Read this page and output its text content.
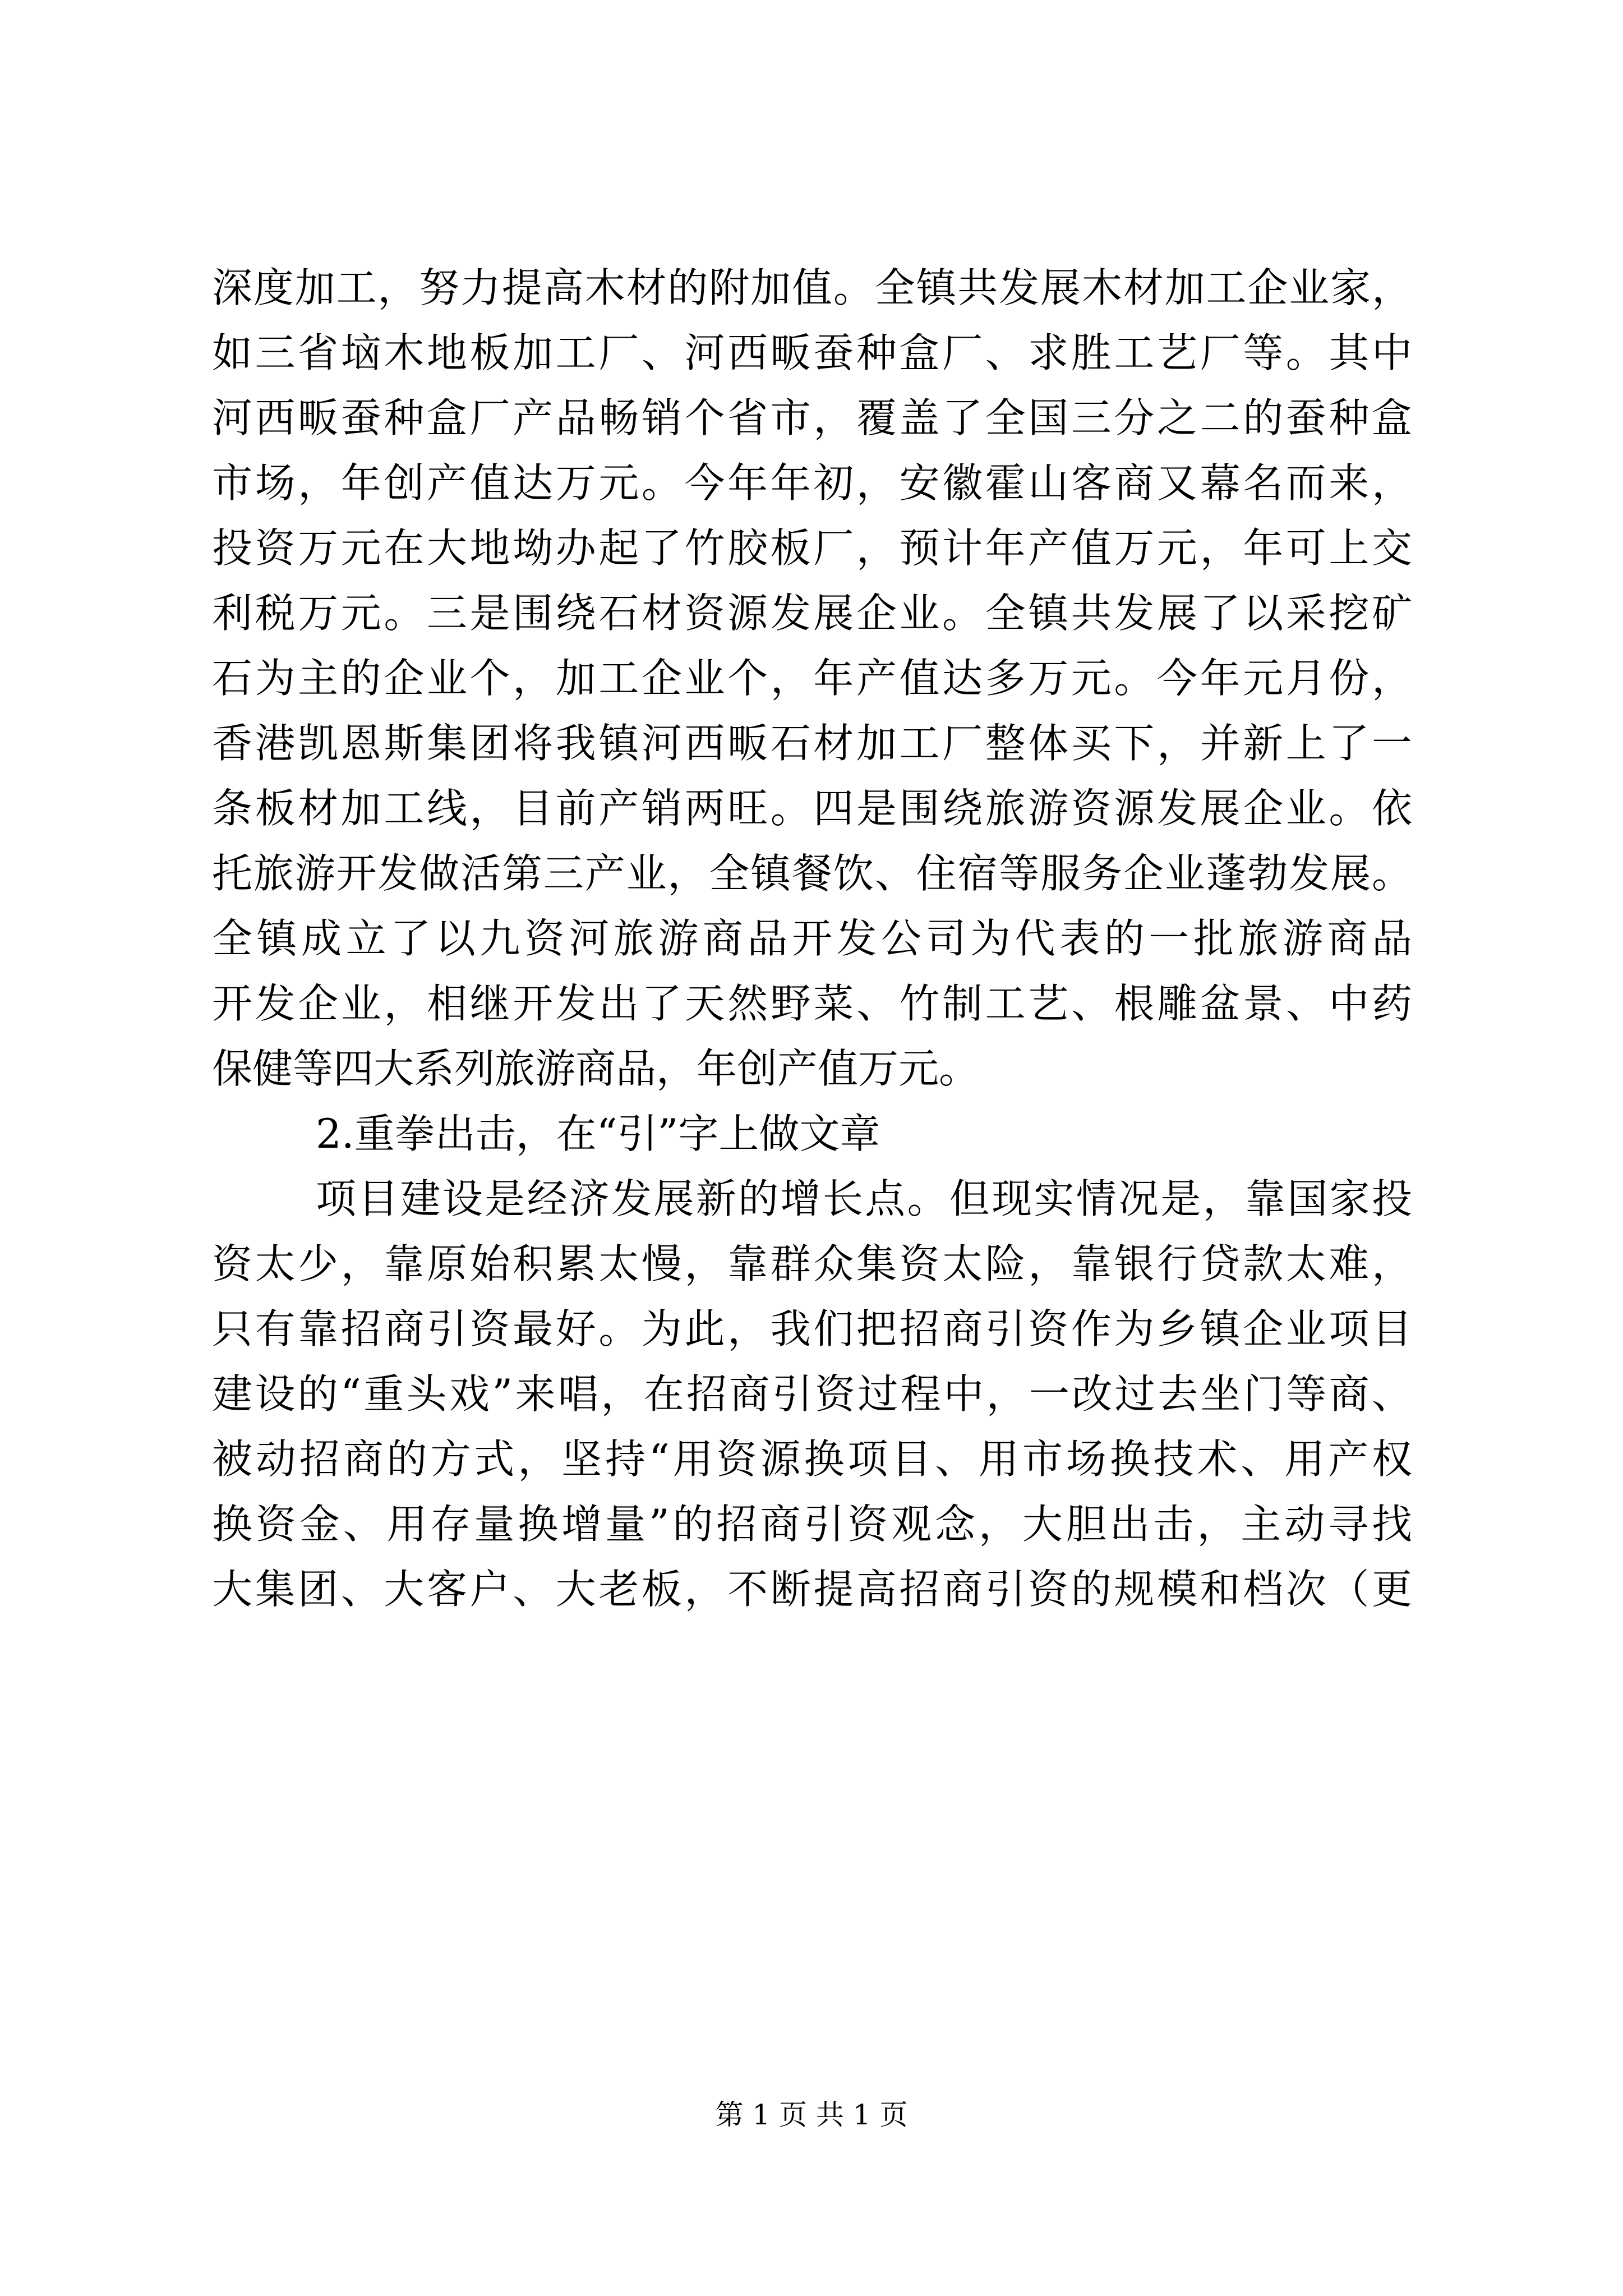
深度加工，努力提高木材的附加值。全镇共发展木材加工企业家，
如三省垴木地板加工厂、河西畈蚕种盒厂、求胜工艺厂等。其中
河西畈蚕种盒厂产品畅销个省市，覆盖了全国三分之二的蚕种盒
市场，年创产值达万元。今年年初，安徽霍山客商又幕名而来，
投资万元在大地坳办起了竹胶板厂，预计年产值万元，年可上交
利税万元。三是围绕石材资源发展企业。全镇共发展了以采挖矿
石为主的企业个，加工企业个，年产值达多万元。今年元月份，
香港凯恩斯集团将我镇河西畈石材加工厂整体买下，并新上了一
条板材加工线，目前产销两旺。四是围绕旅游资源发展企业。依
托旅游开发做活第三产业，全镇餐饮、住宿等服务企业蓬勃发展。
全镇成立了以九资河旅游商品开发公司为代表的一批旅游商品
开发企业，相继开发出了天然野菜、竹制工艺、根雕盆景、中药
保健等四大系列旅游商品，年创产值万元。
2.重拳出击，在“引”字上做文章
项目建设是经济发展新的增长点。但现实情况是，靠国家投
资太少，靠原始积累太慢，靠群众集资太险，靠银行贷款太难，
只有靠招商引资最好。为此，我们把招商引资作为乡镇企业项目
建设的“重头戏”来唱，在招商引资过程中，一改过去坐门等商、
被动招商的方式，坚持“用资源换项目、用市场换技术、用产权
换资金、用存量换增量”的招商引资观念，大胆出击，主动寻找
大集团、大客户、大老板，不断提高招商引资的规模和档次（更
第 1 页 共 1 页
